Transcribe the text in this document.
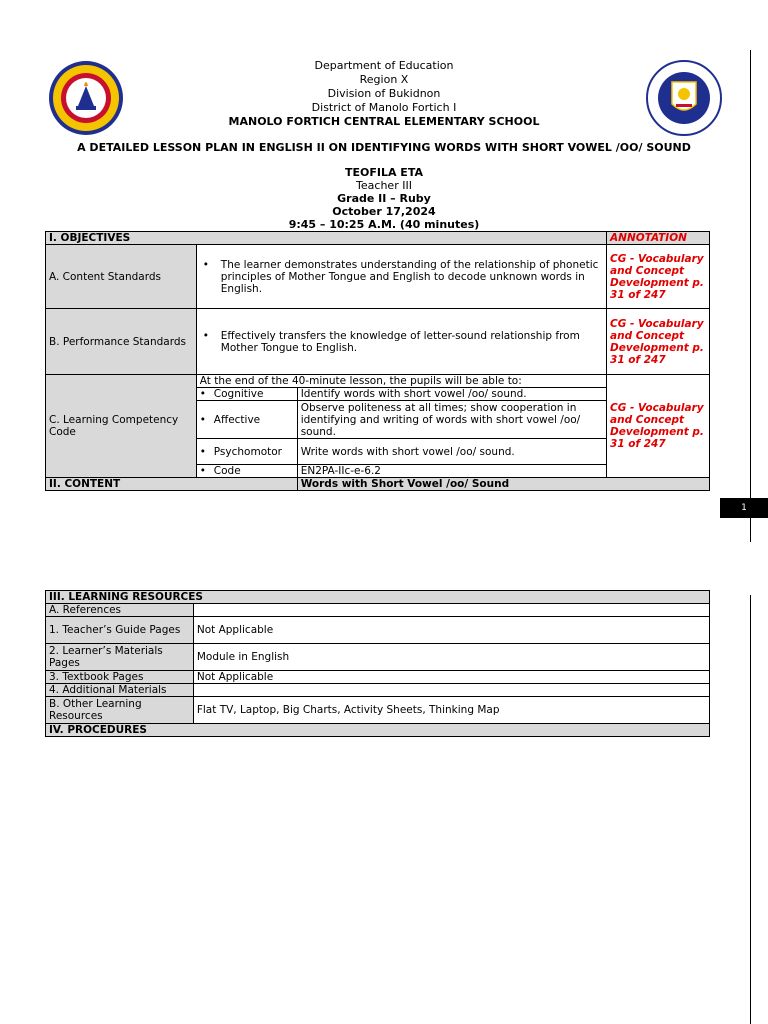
1
Department of Education
Region X
Division of Bukidnon
District of Manolo Fortich I
MANOLO FORTICH CENTRAL ELEMENTARY SCHOOL
A DETAILED LESSON PLAN IN ENGLISH II ON IDENTIFYING WORDS WITH SHORT VOWEL /OO/ SOUND
TEOFILA ETA
Teacher III
Grade II – Ruby
October 17,2024
9:45 – 10:25 A.M. (40 minutes)
I. OBJECTIVES			ANNOTATION
A. Content Standards	• The learner demonstrates understanding of the relationship of phonetic principles of Mother Tongue and English to decode unknown words in English.		CG - Vocabulary and Concept Development p. 31 of 247
B. Performance Standards	• Effectively transfers the knowledge of letter-sound relationship from Mother Tongue to English.		CG - Vocabulary and Concept Development p. 31 of 247
C. Learning Competency Code	At the end of the 40-minute lesson, the pupils will be able to:		CG - Vocabulary and Concept Development p. 31 of 247
	• Cognitive	Identify words with short vowel /oo/ sound.	
	• Affective	Observe politeness at all times; show cooperation in identifying and writing of words with short vowel /oo/ sound.	
	• Psychomotor	Write words with short vowel /oo/ sound.	
	• Code	EN2PA-IIc-e-6.2	
II. CONTENT		Words with Short Vowel /oo/ Sound	
III. LEARNING RESOURCES	
A. References	
1. Teacher’s Guide Pages	Not Applicable
2. Learner’s Materials Pages	Module in English
3. Textbook Pages	Not Applicable
4. Additional Materials	
B. Other Learning Resources	Flat TV, Laptop, Big Charts, Activity Sheets, Thinking Map
IV. PROCEDURES	
